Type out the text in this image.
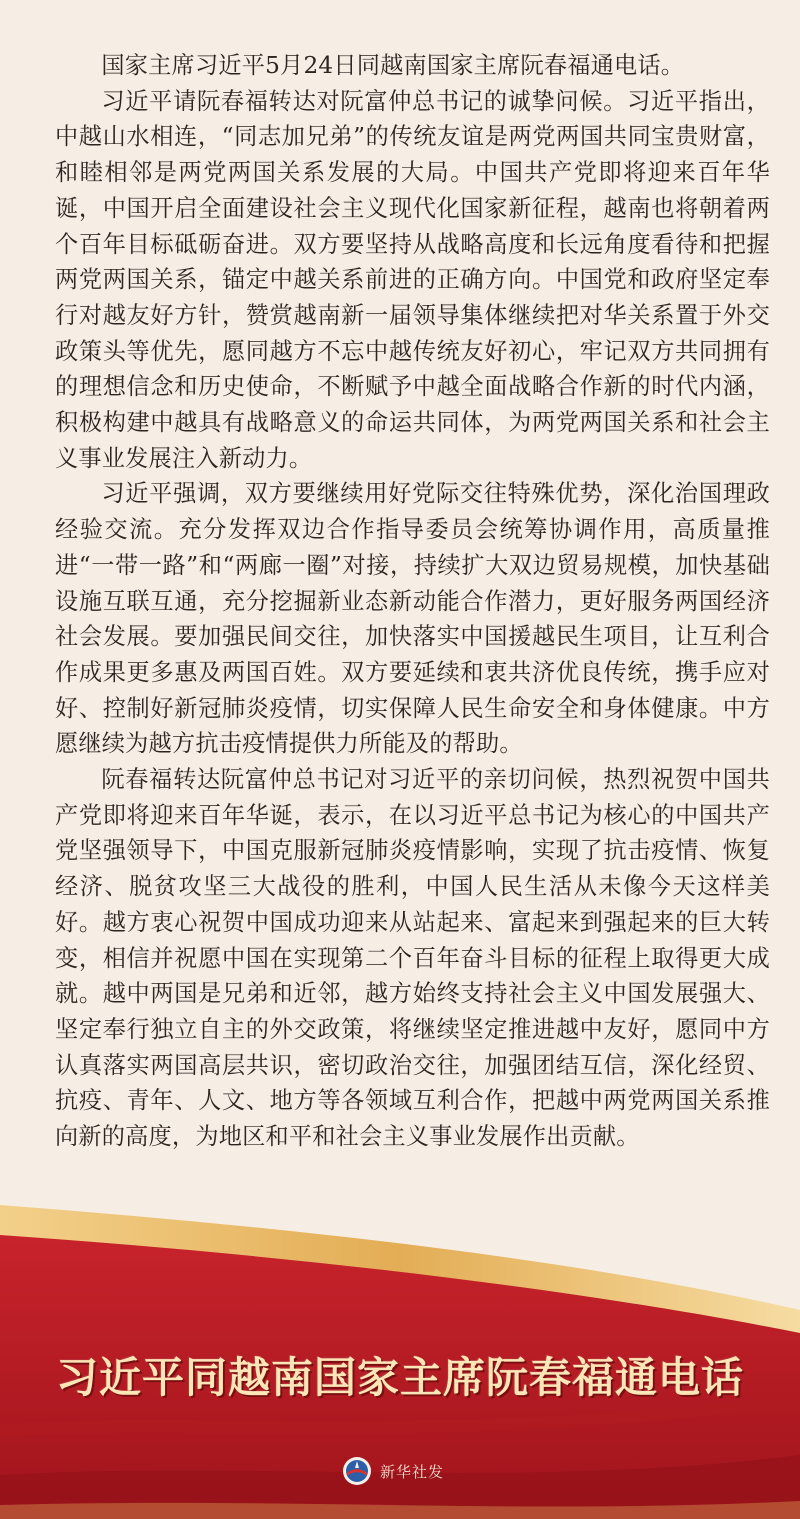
国家主席习近平5月24日同越南国家主席阮春福通电话。

习近平请阮春福转达对阮富仲总书记的诚挚问候。习近平指出，中越山水相连，“同志加兄弟”的传统友谊是两党两国共同宝贵财富，和睦相邻是两党两国关系发展的大局。中国共产党即将迎来百年华诞，中国开启全面建设社会主义现代化国家新征程，越南也将朝着两个百年目标砥砺奋进。双方要坚持从战略高度和长远角度看待和把握两党两国关系，锚定中越关系前进的正确方向。中国党和政府坚定奉行对越友好方针，赞赏越南新一届领导集体继续把对华关系置于外交政策头等优先，愿同越方不忘中越传统友好初心，牢记双方共同拥有的理想信念和历史使命，不断赋予中越全面战略合作新的时代内涵，积极构建中越具有战略意义的命运共同体，为两党两国关系和社会主义事业发展注入新动力。

习近平强调，双方要继续用好党际交往特殊优势，深化治国理政经验交流。充分发挥双边合作指导委员会统筹协调作用，高质量推进“一带一路”和“两廊一圈”对接，持续扩大双边贸易规模，加快基础设施互联互通，充分挖掘新业态新动能合作潜力，更好服务两国经济社会发展。要加强民间交往，加快落实中国援越民生项目，让互利合作成果更多惠及两国百姓。双方要延续和衷共济优良传统，携手应对好、控制好新冠肺炎疫情，切实保障人民生命安全和身体健康。中方愿继续为越方抗击疫情提供力所能及的帮助。

阮春福转达阮富仲总书记对习近平的亲切问候，热烈祝贺中国共产党即将迎来百年华诞，表示，在以习近平总书记为核心的中国共产党坚强领导下，中国克服新冠肺炎疫情影响，实现了抗击疫情、恢复经济、脱贫攻坚三大战役的胜利，中国人民生活从未像今天这样美好。越方衷心祝贺中国成功迎来从站起来、富起来到强起来的巨大转变，相信并祝愿中国在实现第二个百年奋斗目标的征程上取得更大成就。越中两国是兄弟和近邻，越方始终支持社会主义中国发展强大、坚定奉行独立自主的外交政策，将继续坚定推进越中友好，愿同中方认真落实两国高层共识，密切政治交往，加强团结互信，深化经贸、抗疫、青年、人文、地方等各领域互利合作，把越中两党两国关系推向新的高度，为地区和平和社会主义事业发展作出贡献。

习近平同越南国家主席阮春福通电话
新华社发
